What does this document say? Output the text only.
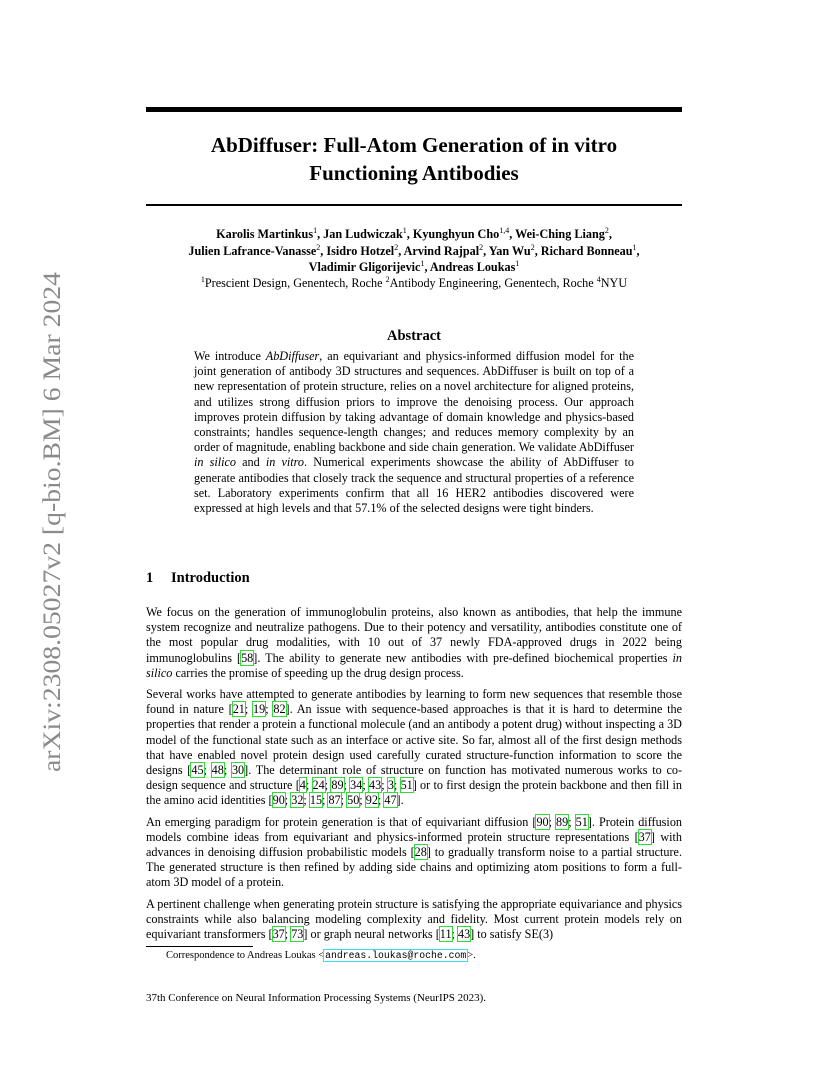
arXiv:2308.05027v2 [q-bio.BM] 6 Mar 2024
AbDiffuser: Full-Atom Generation of in vitro
Functioning Antibodies
Karolis Martinkus$^1$, Jan Ludwiczak$^1$, Kyunghyun Cho$^{1,4}$, Wei-Ching Liang$^2$,
Julien Lafrance-Vanasse$^2$, Isidro Hotzel$^2$, Arvind Rajpal$^2$, Yan Wu$^2$, Richard Bonneau$^1$,
Vladimir Gligorijevic$^1$, Andreas Loukas$^1$
$^1$Prescient Design, Genentech, Roche $^2$Antibody Engineering, Genentech, Roche $^4$NYU
Abstract
We introduce AbDiffuser, an equivariant and physics-informed diffusion model for the joint generation of antibody 3D structures and sequences. AbDiffuser is built on top of a new representation of protein structure, relies on a novel architecture for aligned proteins, and utilizes strong diffusion priors to improve the denoising process. Our approach improves protein diffusion by taking advantage of domain knowledge and physics-based constraints; handles sequence-length changes; and reduces memory complexity by an order of magnitude, enabling backbone and side chain generation. We validate AbDiffuser in silico and in vitro. Numerical experiments showcase the ability of AbDiffuser to generate antibodies that closely track the sequence and structural properties of a reference set. Laboratory experiments confirm that all 16 HER2 antibodies discovered were expressed at high levels and that 57.1% of the selected designs were tight binders.
1 Introduction

We focus on the generation of immunoglobulin proteins, also known as antibodies, that help the immune system recognize and neutralize pathogens. Due to their potency and versatility, antibodies constitute one of the most popular drug modalities, with 10 out of 37 newly FDA-approved drugs in 2022 being immunoglobulins [58]. The ability to generate new antibodies with pre-defined biochemical properties in silico carries the promise of speeding up the drug design process.

Several works have attempted to generate antibodies by learning to form new sequences that resemble those found in nature [21; 19; 82]. An issue with sequence-based approaches is that it is hard to determine the properties that render a protein a functional molecule (and an antibody a potent drug) without inspecting a 3D model of the functional state such as an interface or active site. So far, almost all of the first design methods that have enabled novel protein design used carefully curated structure-function information to score the designs [45; 48; 30]. The determinant role of structure on function has motivated numerous works to co-design sequence and structure [4; 24; 89; 34; 43; 3; 51] or to first design the protein backbone and then fill in the amino acid identities [90; 32; 15; 87; 50; 92; 47].

An emerging paradigm for protein generation is that of equivariant diffusion [90; 89; 51]. Protein diffusion models combine ideas from equivariant and physics-informed protein structure representations [37] with advances in denoising diffusion probabilistic models [28] to gradually transform noise to a partial structure. The generated structure is then refined by adding side chains and optimizing atom positions to form a full-atom 3D model of a protein.

A pertinent challenge when generating protein structure is satisfying the appropriate equivariance and physics constraints while also balancing modeling complexity and fidelity. Most current protein models rely on equivariant transformers [37; 73] or graph neural networks [11; 43] to satisfy SE(3)

Correspondence to Andreas Loukas <andreas.loukas@roche.com>.
37th Conference on Neural Information Processing Systems (NeurIPS 2023).
